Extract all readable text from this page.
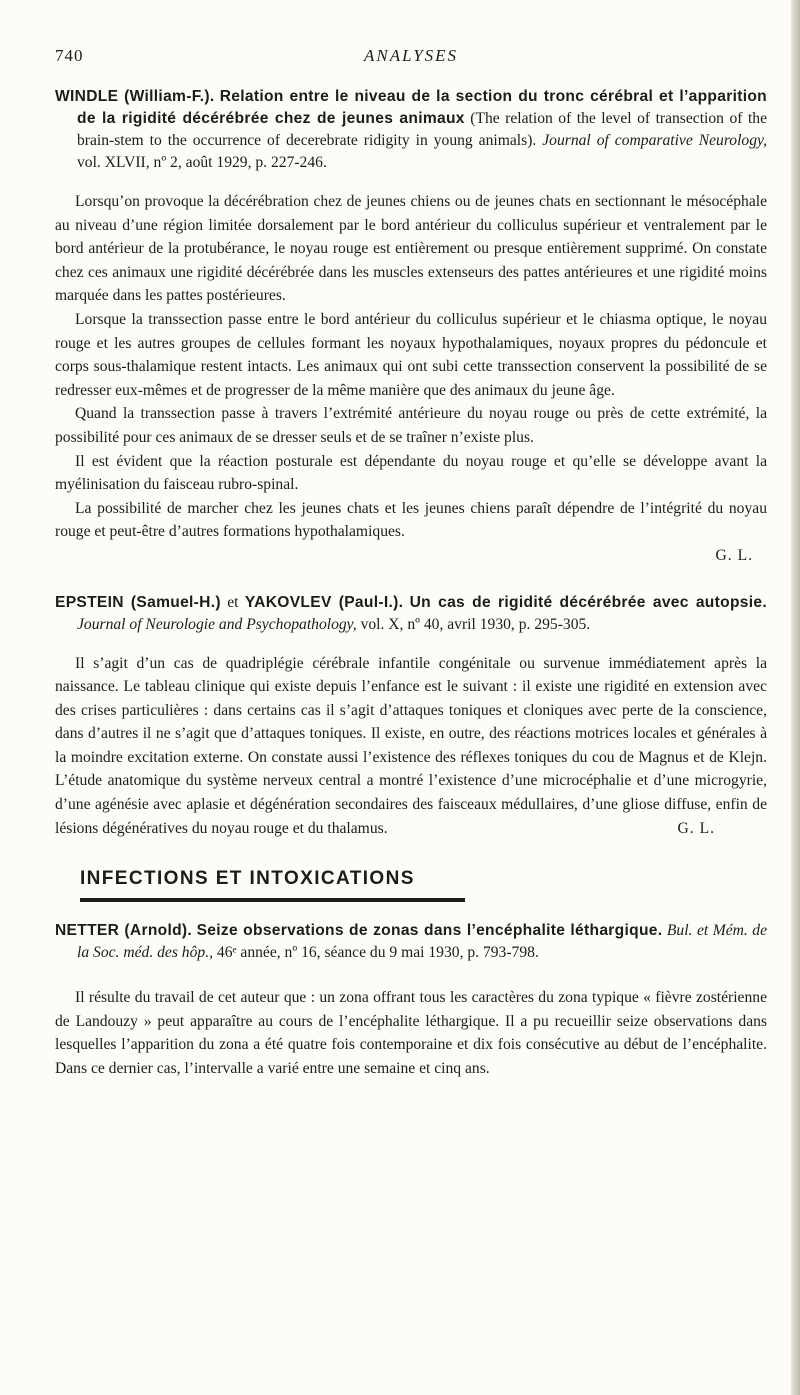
740	ANALYSES
WINDLE (William-F.). Relation entre le niveau de la section du tronc cérébral et l’apparition de la rigidité décérébrée chez de jeunes animaux (The relation of the level of transection of the brain-stem to the occurrence of decerebrate ridigity in young animals). Journal of comparative Neurology, vol. XLVII, nº 2, août 1929, p. 227-246.

Lorsqu’on provoque la décérébration chez de jeunes chiens ou de jeunes chats en sectionnant le mésocéphale au niveau d’une région limitée dorsalement par le bord antérieur du colliculus supérieur et ventralement par le bord antérieur de la protubérance, le noyau rouge est entièrement ou presque entièrement supprimé. On constate chez ces animaux une rigidité décérébrée dans les muscles extenseurs des pattes antérieures et une rigidité moins marquée dans les pattes postérieures.

Lorsque la transsection passe entre le bord antérieur du colliculus supérieur et le chiasma optique, le noyau rouge et les autres groupes de cellules formant les noyaux hypothalamiques, noyaux propres du pédoncule et corps sous-thalamique restent intacts. Les animaux qui ont subi cette transsection conservent la possibilité de se redresser eux-mêmes et de progresser de la même manière que des animaux du jeune âge.

Quand la transsection passe à travers l’extrémité antérieure du noyau rouge ou près de cette extrémité, la possibilité pour ces animaux de se dresser seuls et de se traîner n’existe plus.

Il est évident que la réaction posturale est dépendante du noyau rouge et qu’elle se développe avant la myélinisation du faisceau rubro-spinal.

La possibilité de marcher chez les jeunes chats et les jeunes chiens paraît dépendre de l’intégrité du noyau rouge et peut-être d’autres formations hypothalamiques.

G. L.
EPSTEIN (Samuel-H.) et YAKOVLEV (Paul-I.). Un cas de rigidité décérébrée avec autopsie. Journal of Neurologie and Psychopathology, vol. X, nº 40, avril 1930, p. 295-305.

Il s’agit d’un cas de quadriplégie cérébrale infantile congénitale ou survenue immédiatement après la naissance. Le tableau clinique qui existe depuis l’enfance est le suivant : il existe une rigidité en extension avec des crises particulières : dans certains cas il s’agit d’attaques toniques et cloniques avec perte de la conscience, dans d’autres il ne s’agit que d’attaques toniques. Il existe, en outre, des réactions motrices locales et générales à la moindre excitation externe. On constate aussi l’existence des réflexes toniques du cou de Magnus et de Klejn. L’étude anatomique du système nerveux central a montré l’existence d’une microcéphalie et d’une microgyrie, d’une agénésie avec aplasie et dégénération secondaires des faisceaux médullaires, d’une gliose diffuse, enfin de lésions dégénératives du noyau rouge et du thalamus.	G. L.

INFECTIONS ET INTOXICATIONS
NETTER (Arnold). Seize observations de zonas dans l’encéphalite léthargique. Bul. et Mém. de la Soc. méd. des hôp., 46ᵉ année, nº 16, séance du 9 mai 1930, p. 793-798.

Il résulte du travail de cet auteur que : un zona offrant tous les caractères du zona typique « fièvre zostérienne de Landouzy » peut apparaître au cours de l’encéphalite léthargique. Il a pu recueillir seize observations dans lesquelles l’apparition du zona a été quatre fois contemporaine et dix fois consécutive au début de l’encéphalite. Dans ce dernier cas, l’intervalle a varié entre une semaine et cinq ans.
